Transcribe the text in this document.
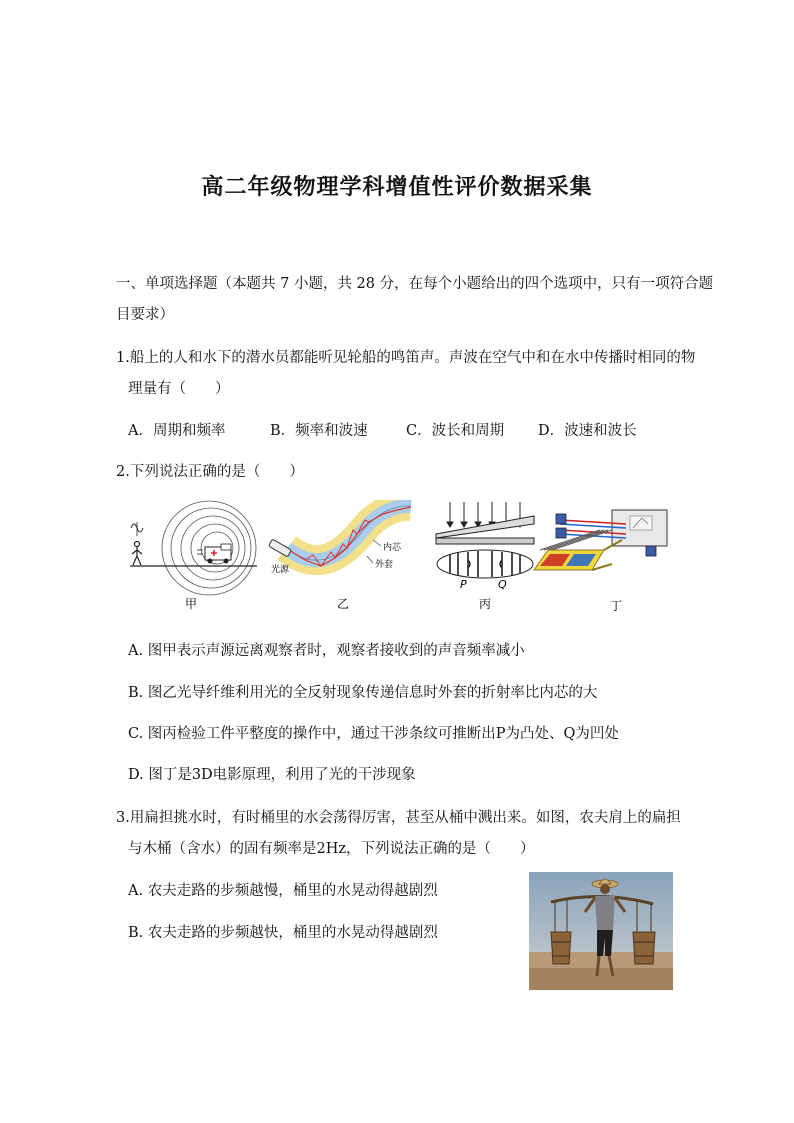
高二年级物理学科增值性评价数据采集
一、单项选择题（本题共 7 小题，共 28 分，在每个小题给出的四个选项中，只有一项符合题
目要求）
1.船上的人和水下的潜水员都能听见轮船的鸣笛声。声波在空气中和在水中传播时相同的物
理量有（　　）
A．周期和频率	B．频率和波速	C．波长和周期 D．波速和波长
2.下列说法正确的是（　　）
甲
光源
内芯
外套
乙
P	Q
丙	丁
A. 图甲表示声源远离观察者时，观察者接收到的声音频率减小
B. 图乙光导纤维利用光的全反射现象传递信息时外套的折射率比内芯的大
C. 图丙检验工件平整度的操作中，通过干涉条纹可推断出P为凸处、Q为凹处
D. 图丁是3D电影原理，利用了光的干涉现象
3.用扁担挑水时，有时桶里的水会荡得厉害，甚至从桶中溅出来。如图，农夫肩上的扁担
与木桶（含水）的固有频率是2Hz，下列说法正确的是（　　）
A. 农夫走路的步频越慢，桶里的水晃动得越剧烈
B. 农夫走路的步频越快，桶里的水晃动得越剧烈
